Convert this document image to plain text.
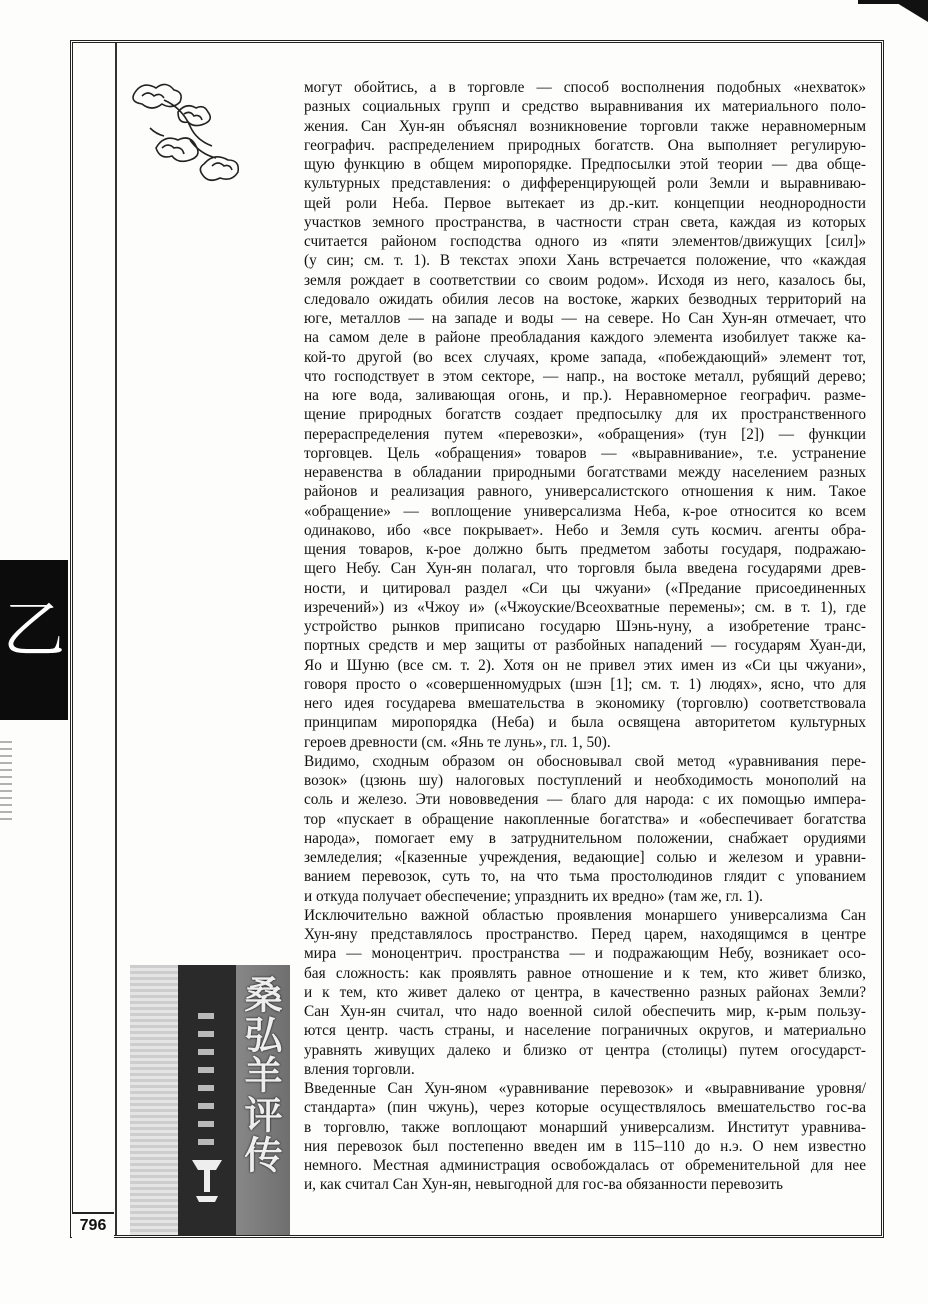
乙
桑弘羊评传
796

могут обойтись, а в торговле — способ восполнения подобных «нехваток»
разных социальных групп и средство выравнивания их материального поло-
жения. Сан Хун-ян объяснял возникновение торговли также неравномерным
географич. распределением природных богатств. Она выполняет регулирую-
щую функцию в общем миропорядке. Предпосылки этой теории — два обще-
культурных представления: о дифференцирующей роли Земли и выравниваю-
щей роли Неба. Первое вытекает из др.-кит. концепции неоднородности
участков земного пространства, в частности стран света, каждая из которых
считается районом господства одного из «пяти элементов/движущих [сил]»
(у син; см. т. 1). В текстах эпохи Хань встречается положение, что «каждая
земля рождает в соответствии со своим родом». Исходя из него, казалось бы,
следовало ожидать обилия лесов на востоке, жарких безводных территорий на
юге, металлов — на западе и воды — на севере. Но Сан Хун-ян отмечает, что
на самом деле в районе преобладания каждого элемента изобилует также ка-
кой-то другой (во всех случаях, кроме запада, «побеждающий» элемент тот,
что господствует в этом секторе, — напр., на востоке металл, рубящий дерево;
на юге вода, заливающая огонь, и пр.). Неравномерное географич. разме-
щение природных богатств создает предпосылку для их пространственного
перераспределения путем «перевозки», «обращения» (тун [2]) — функции
торговцев. Цель «обращения» товаров — «выравнивание», т.е. устранение
неравенства в обладании природными богатствами между населением разных
районов и реализация равного, универсалистского отношения к ним. Такое
«обращение» — воплощение универсализма Неба, к-рое относится ко всем
одинаково, ибо «все покрывает». Небо и Земля суть космич. агенты обра-
щения товаров, к-рое должно быть предметом заботы государя, подражаю-
щего Небу. Сан Хун-ян полагал, что торговля была введена государями древ-
ности, и цитировал раздел «Си цы чжуани» («Предание присоединенных
изречений») из «Чжоу и» («Чжоуские/Всеохватные перемены»; см. в т. 1), где
устройство рынков приписано государю Шэнь-нуну, а изобретение транс-
портных средств и мер защиты от разбойных нападений — государям Хуан-ди,
Яо и Шуню (все см. т. 2). Хотя он не привел этих имен из «Си цы чжуани»,
говоря просто о «совершенномудрых (шэн [1]; см. т. 1) людях», ясно, что для
него идея государева вмешательства в экономику (торговлю) соответствовала
принципам миропорядка (Неба) и была освящена авторитетом культурных
героев древности (см. «Янь те лунь», гл. 1, 50).

Видимо, сходным образом он обосновывал свой метод «уравнивания пере-
возок» (цзюнь шу) налоговых поступлений и необходимость монополий на
соль и железо. Эти нововведения — благо для народа: с их помощью импера-
тор «пускает в обращение накопленные богатства» и «обеспечивает богатства
народа», помогает ему в затруднительном положении, снабжает орудиями
земледелия; «[казенные учреждения, ведающие] солью и железом и уравни-
ванием перевозок, суть то, на что тьма простолюдинов глядит с упованием
и откуда получает обеспечение; упразднить их вредно» (там же, гл. 1).

Исключительно важной областью проявления монаршего универсализма Сан
Хун-яну представлялось пространство. Перед царем, находящимся в центре
мира — моноцентрич. пространства — и подражающим Небу, возникает осо-
бая сложность: как проявлять равное отношение и к тем, кто живет близко,
и к тем, кто живет далеко от центра, в качественно разных районах Земли?
Сан Хун-ян считал, что надо военной силой обеспечить мир, к-рым пользу-
ются центр. часть страны, и население пограничных округов, и материально
уравнять живущих далеко и близко от центра (столицы) путем огосударст-
вления торговли.

Введенные Сан Хун-яном «уравнивание перевозок» и «выравнивание уровня/
стандарта» (пин чжунь), через которые осуществлялось вмешательство гос-ва
в торговлю, также воплощают монарший универсализм. Институт уравнива-
ния перевозок был постепенно введен им в 115–110 до н.э. О нем известно
немного. Местная администрация освобождалась от обременительной для нее
и, как считал Сан Хун-ян, невыгодной для гос-ва обязанности перевозить
